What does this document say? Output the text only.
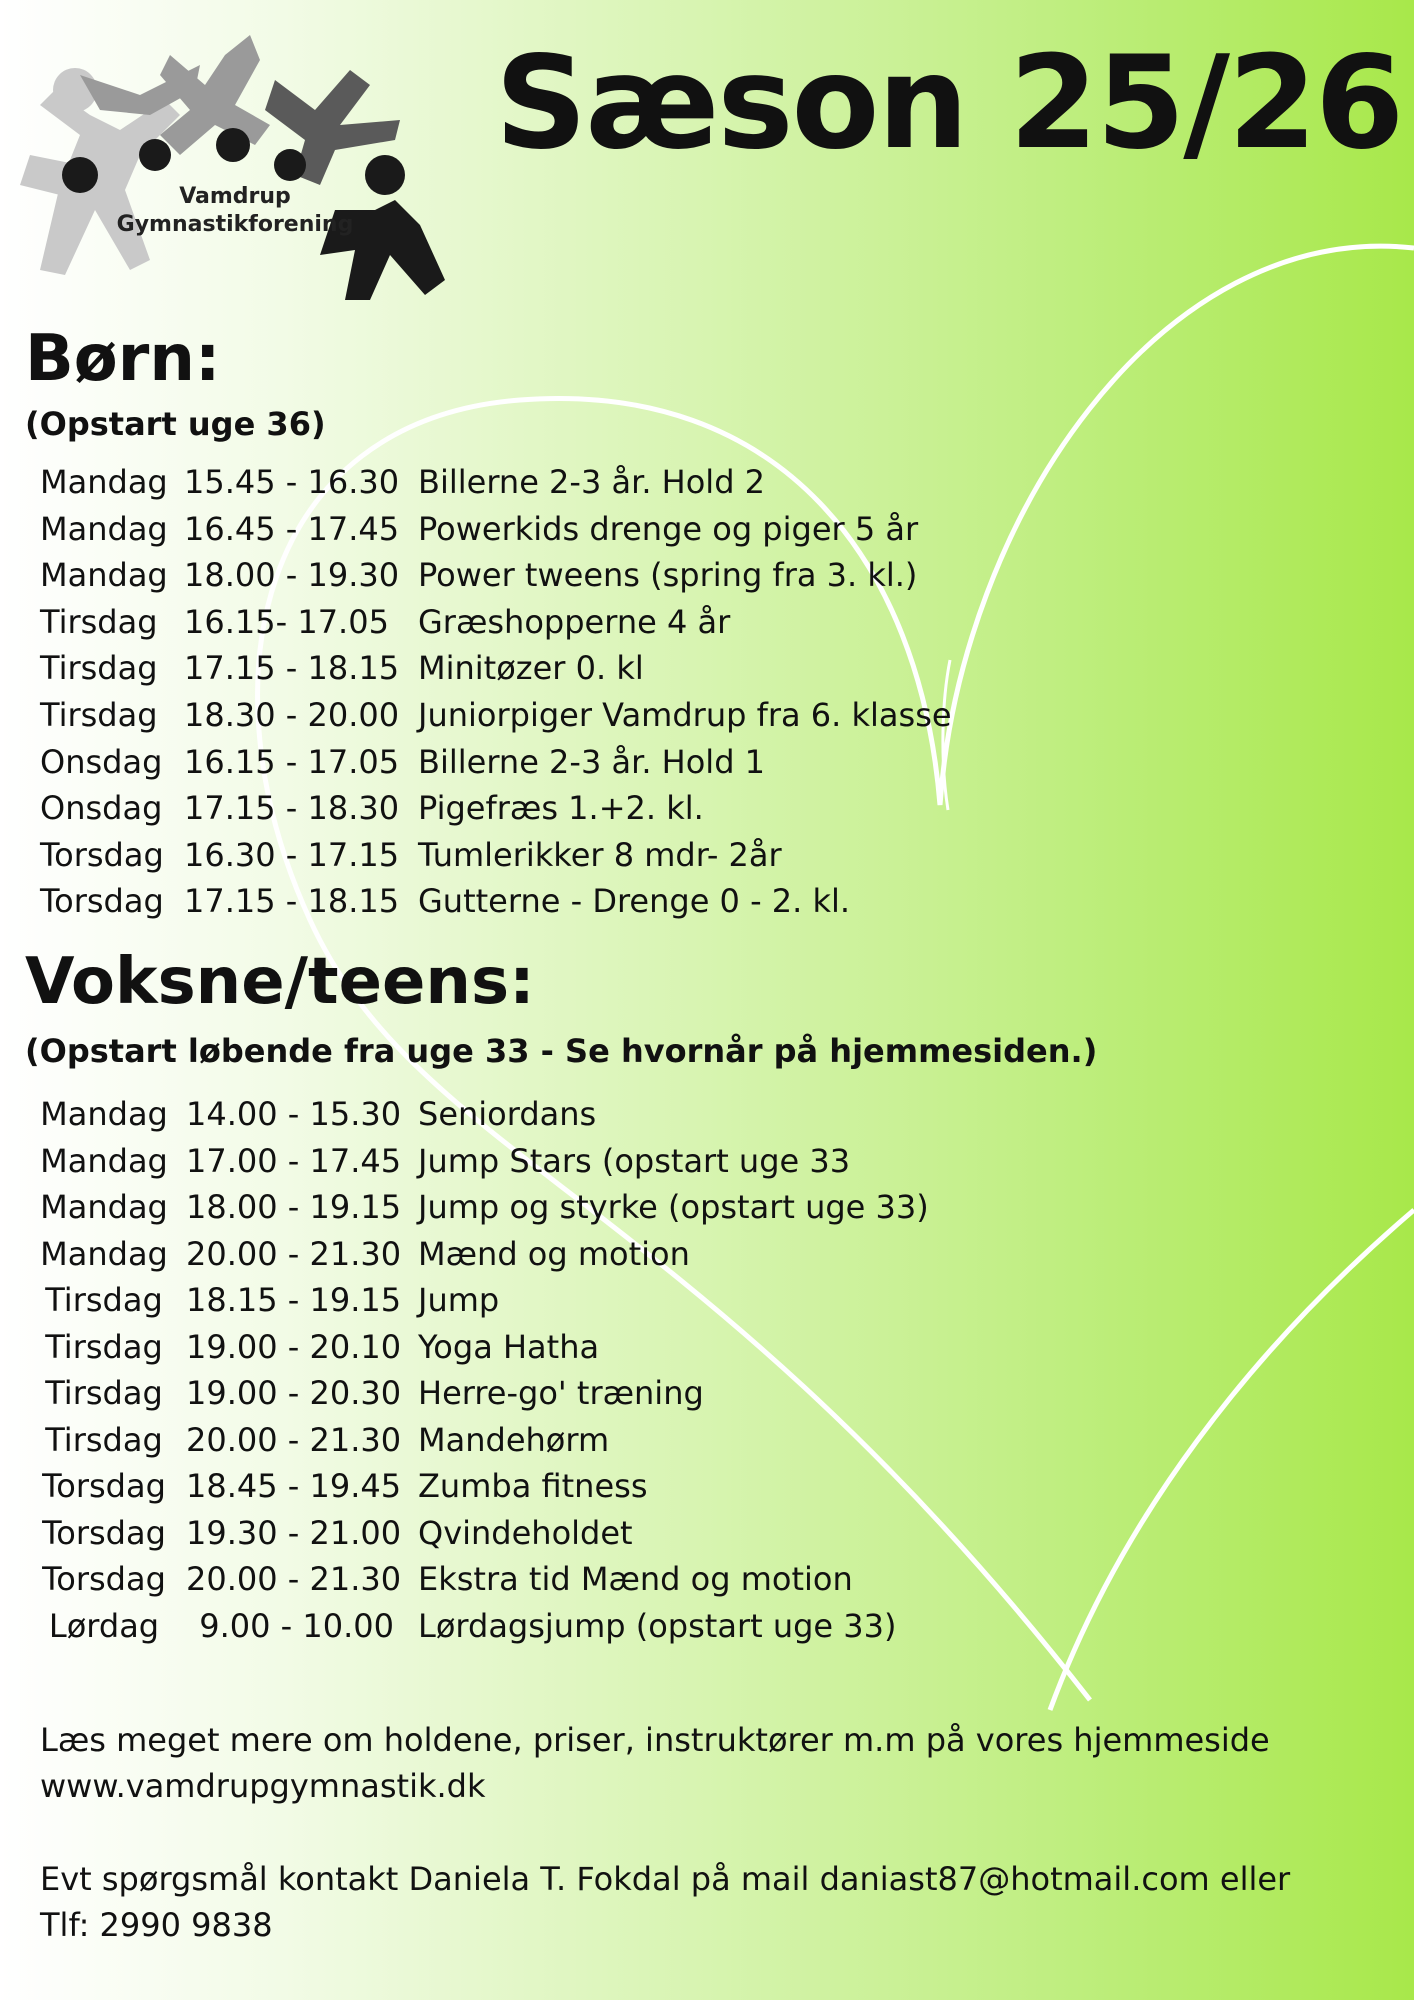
Vamdrup
Gymnastikforening
Sæson 25/26
Børn:
(Opstart uge 36)
Mandag 15.45 - 16.30 Billerne 2-3 år. Hold 2
Mandag 16.45 - 17.45 Powerkids drenge og piger 5 år
Mandag 18.00 - 19.30 Power tweens (spring fra 3. kl.)
Tirsdag 16.15- 17.05 Græshopperne 4 år
Tirsdag 17.15 - 18.15 Minitøzer 0. kl
Tirsdag 18.30 - 20.00 Juniorpiger Vamdrup fra 6. klasse
Onsdag 16.15 - 17.05 Billerne 2-3 år. Hold 1
Onsdag 17.15 - 18.30 Pigefræs 1.+2. kl.
Torsdag 16.30 - 17.15 Tumlerikker 8 mdr- 2år
Torsdag 17.15 - 18.15 Gutterne - Drenge 0 - 2. kl.
Voksne/teens:
(Opstart løbende fra uge 33 - Se hvornår på hjemmesiden.)
Mandag 14.00 - 15.30 Seniordans
Mandag 17.00 - 17.45 Jump Stars (opstart uge 33
Mandag 18.00 - 19.15 Jump og styrke (opstart uge 33)
Mandag 20.00 - 21.30 Mænd og motion
Tirsdag 18.15 - 19.15 Jump
Tirsdag 19.00 - 20.10 Yoga Hatha
Tirsdag 19.00 - 20.30 Herre-go' træning
Tirsdag 20.00 - 21.30 Mandehørm
Torsdag 18.45 - 19.45 Zumba fitness
Torsdag 19.30 - 21.00 Qvindeholdet
Torsdag 20.00 - 21.30 Ekstra tid Mænd og motion
Lørdag	9.00 - 10.00 Lørdagsjump (opstart uge 33)

Læs meget mere om holdene, priser, instruktører m.m på vores hjemmeside
www.vamdrupgymnastik.dk

Evt spørgsmål kontakt Daniela T. Fokdal på mail daniast87@hotmail.com eller
Tlf: 2990 9838
